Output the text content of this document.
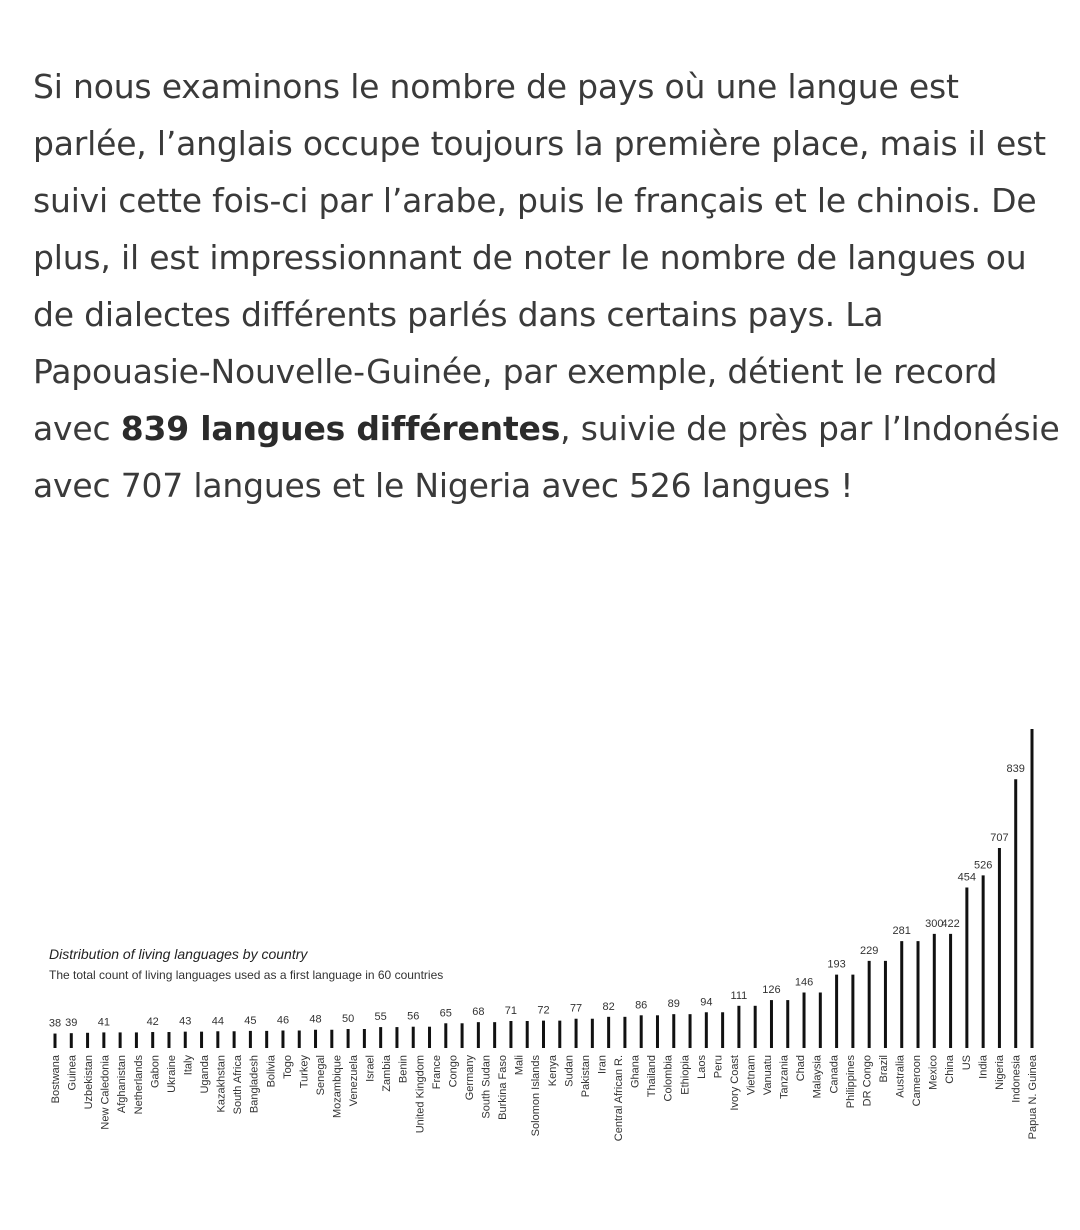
Si nous examinons le nombre de pays où une langue est parlée, l’anglais occupe toujours la première place, mais il est suivi cette fois-ci par l’arabe, puis le français et le chinois. De plus, il est impressionnant de noter le nombre de langues ou de dialectes différents parlés dans certains pays. La Papouasie-Nouvelle-Guinée, par exemple, détient le record avec 839 langues différentes, suivie de près par l’Indonésie avec 707 langues et le Nigeria avec 526 langues !

Distribution of living languages by country
The total count of living languages used as a first language in 60 countries
38 39 41	42 43 44 45 46 48 50 55 56 65 68 71 72 77 82 86 89 94
111 126
146
193
229
281
300
422
454
526
707
839
Bostwana Guinea Uzbekistan New Caledonia Afghanistan Netherlands Gabon Ukraine Italy Uganda Kazakhstan South Africa Bangladesh Bolivia Togo Turkey Senegal Mozambique Venezuela Israel Zambia Benin United Kingdom France Congo Germany South Sudan Burkina Faso Mali Solomon Islands Kenya Sudan Pakistan Iran Central African R. Ghana Thailand Colombia Ethiopia Laos Peru Ivory Coast Vietnam Vanuatu Tanzania Chad Malaysia Canada Philippines DR Congo Brazil Australia Cameroon Mexico China US India Nigeria Indonesia Papua N. Guinea
